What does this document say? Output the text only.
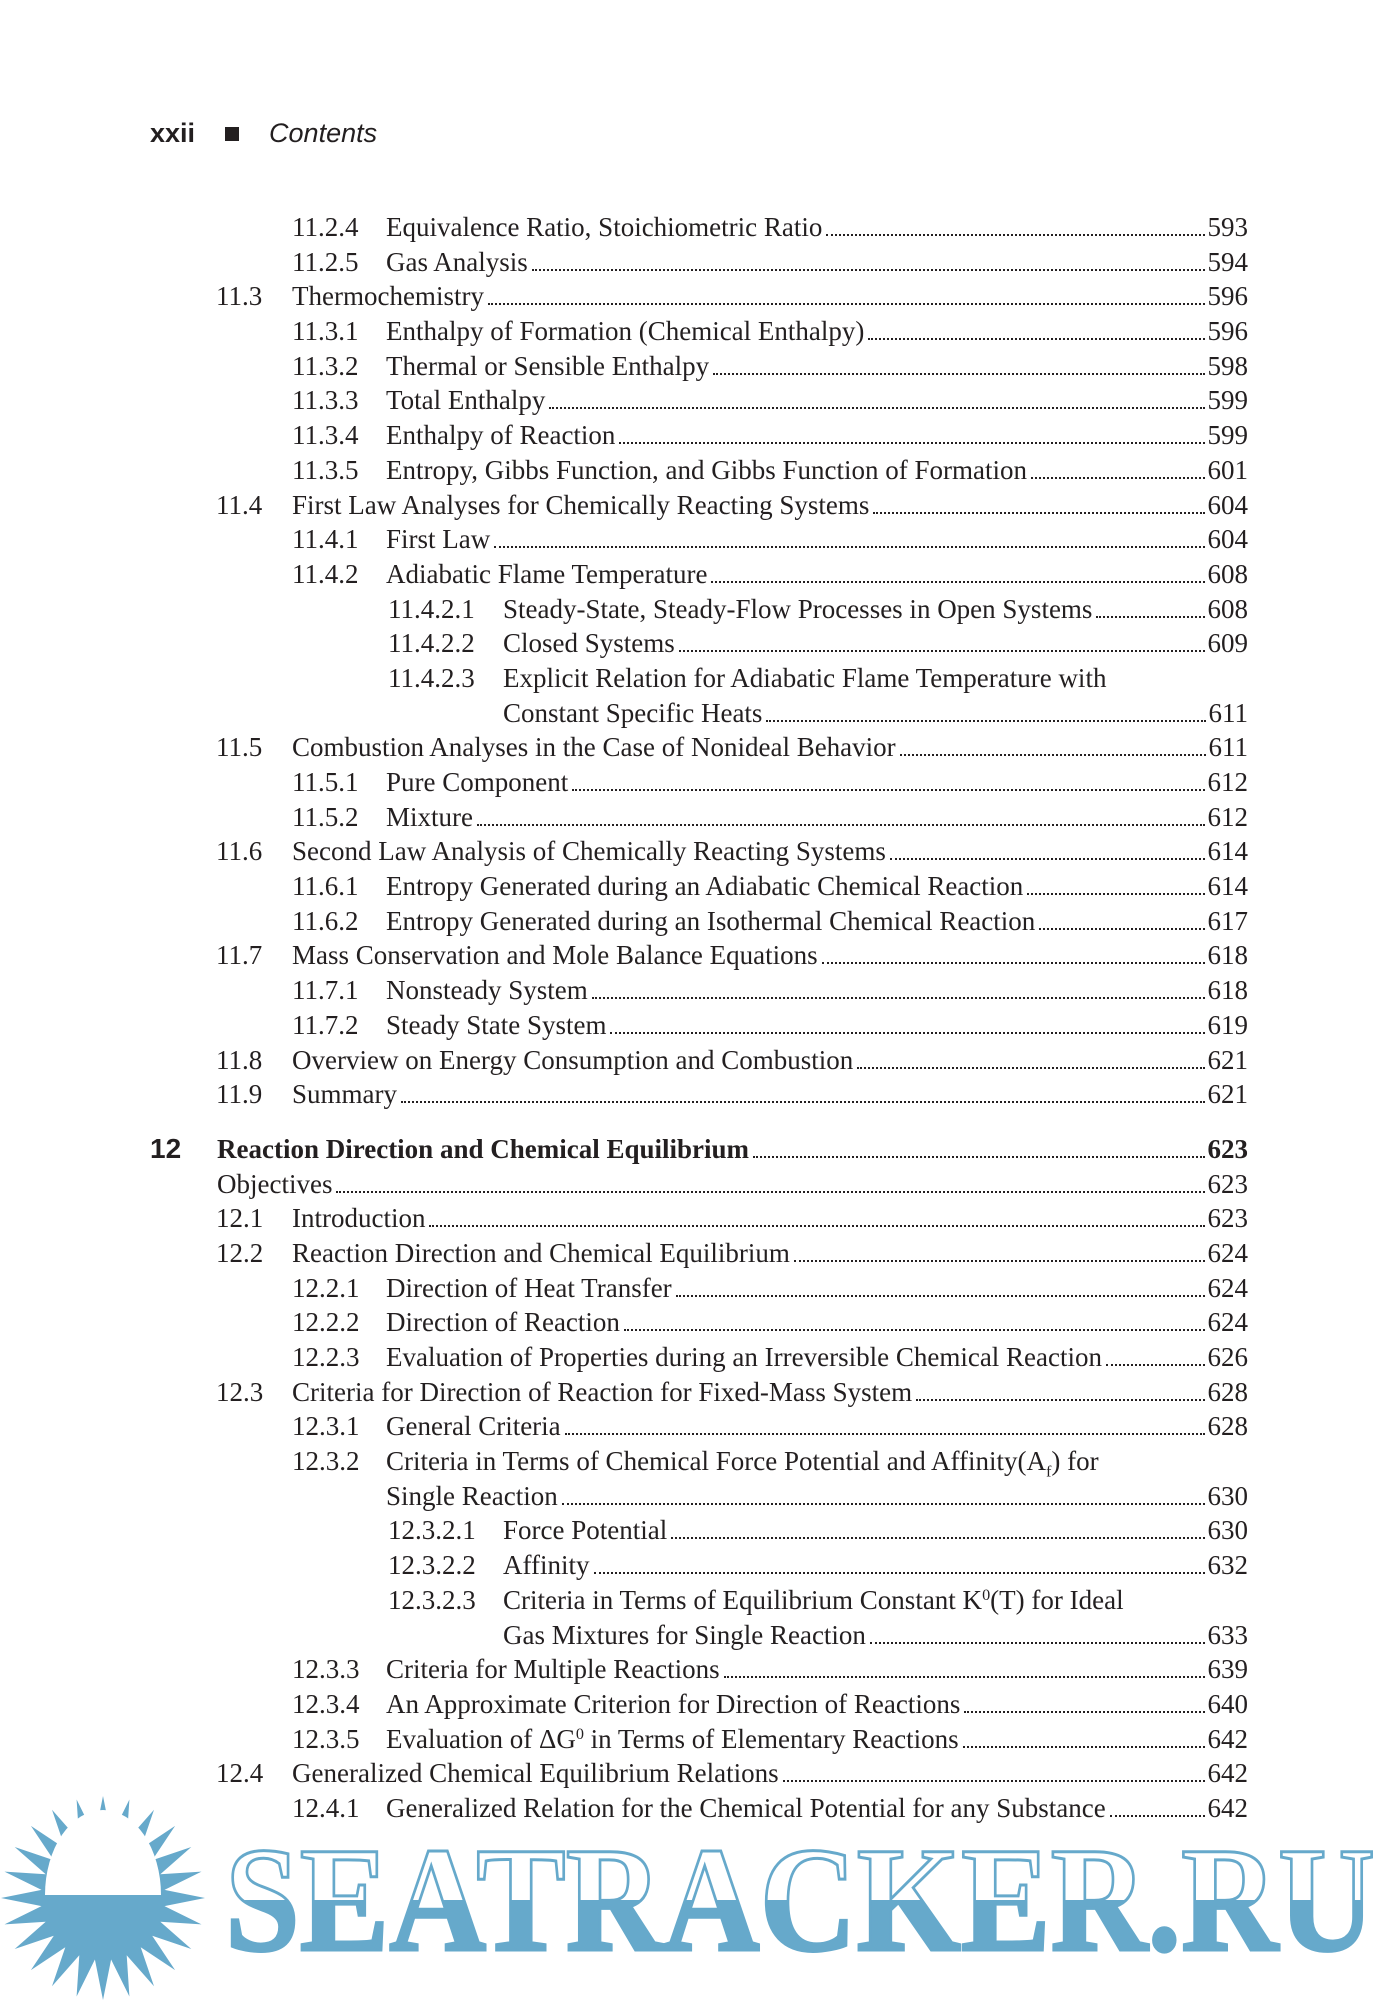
xxii	Contents
11.2.4 Equivalence Ratio, Stoichiometric Ratio	593
11.2.5 Gas Analysis	594
11.3 Thermochemistry	596
11.3.1 Enthalpy of Formation (Chemical Enthalpy)	596
11.3.2 Thermal or Sensible Enthalpy	598
11.3.3 Total Enthalpy	599
11.3.4 Enthalpy of Reaction	599
11.3.5 Entropy, Gibbs Function, and Gibbs Function of Formation	601
11.4 First Law Analyses for Chemically Reacting Systems	604
11.4.1 First Law	604
11.4.2 Adiabatic Flame Temperature	608
11.4.2.1 Steady-State, Steady-Flow Processes in Open Systems	608
11.4.2.2 Closed Systems	609
11.4.2.3 Explicit Relation for Adiabatic Flame Temperature with
Constant Specific Heats	611
11.5 Combustion Analyses in the Case of Nonideal Behavior	611
11.5.1 Pure Component	612
11.5.2 Mixture	612
11.6 Second Law Analysis of Chemically Reacting Systems	614
11.6.1 Entropy Generated during an Adiabatic Chemical Reaction	614
11.6.2 Entropy Generated during an Isothermal Chemical Reaction	617
11.7 Mass Conservation and Mole Balance Equations	618
11.7.1 Nonsteady System	618
11.7.2 Steady State System	619
11.8 Overview on Energy Consumption and Combustion	621
11.9 Summary	621
12 Reaction Direction and Chemical Equilibrium	623
Objectives	623
12.1 Introduction	623
12.2 Reaction Direction and Chemical Equilibrium	624
12.2.1 Direction of Heat Transfer	624
12.2.2 Direction of Reaction	624
12.2.3 Evaluation of Properties during an Irreversible Chemical Reaction	626
12.3 Criteria for Direction of Reaction for Fixed-Mass System	628
12.3.1 General Criteria	628
12.3.2 Criteria in Terms of Chemical Force Potential and $Affinity(A_f)$ for
Single Reaction	630
12.3.2.1 Force Potential	630
12.3.2.2 Affinity	632
12.3.2.3 Criteria in Terms of Equilibrium Constant $K^0(T)$ for Ideal
Gas Mixtures for Single Reaction	633
12.3.3 Criteria for Multiple Reactions	639
12.3.4 An Approximate Criterion for Direction of Reactions	640
12.3.5 Evaluation of $\Delta G^0$ in Terms of Elementary Reactions	642
12.4 Generalized Chemical Equilibrium Relations	642
12.4.1 Generalized Relation for the Chemical Potential for any Substance	642
SEATRACKER.RU
